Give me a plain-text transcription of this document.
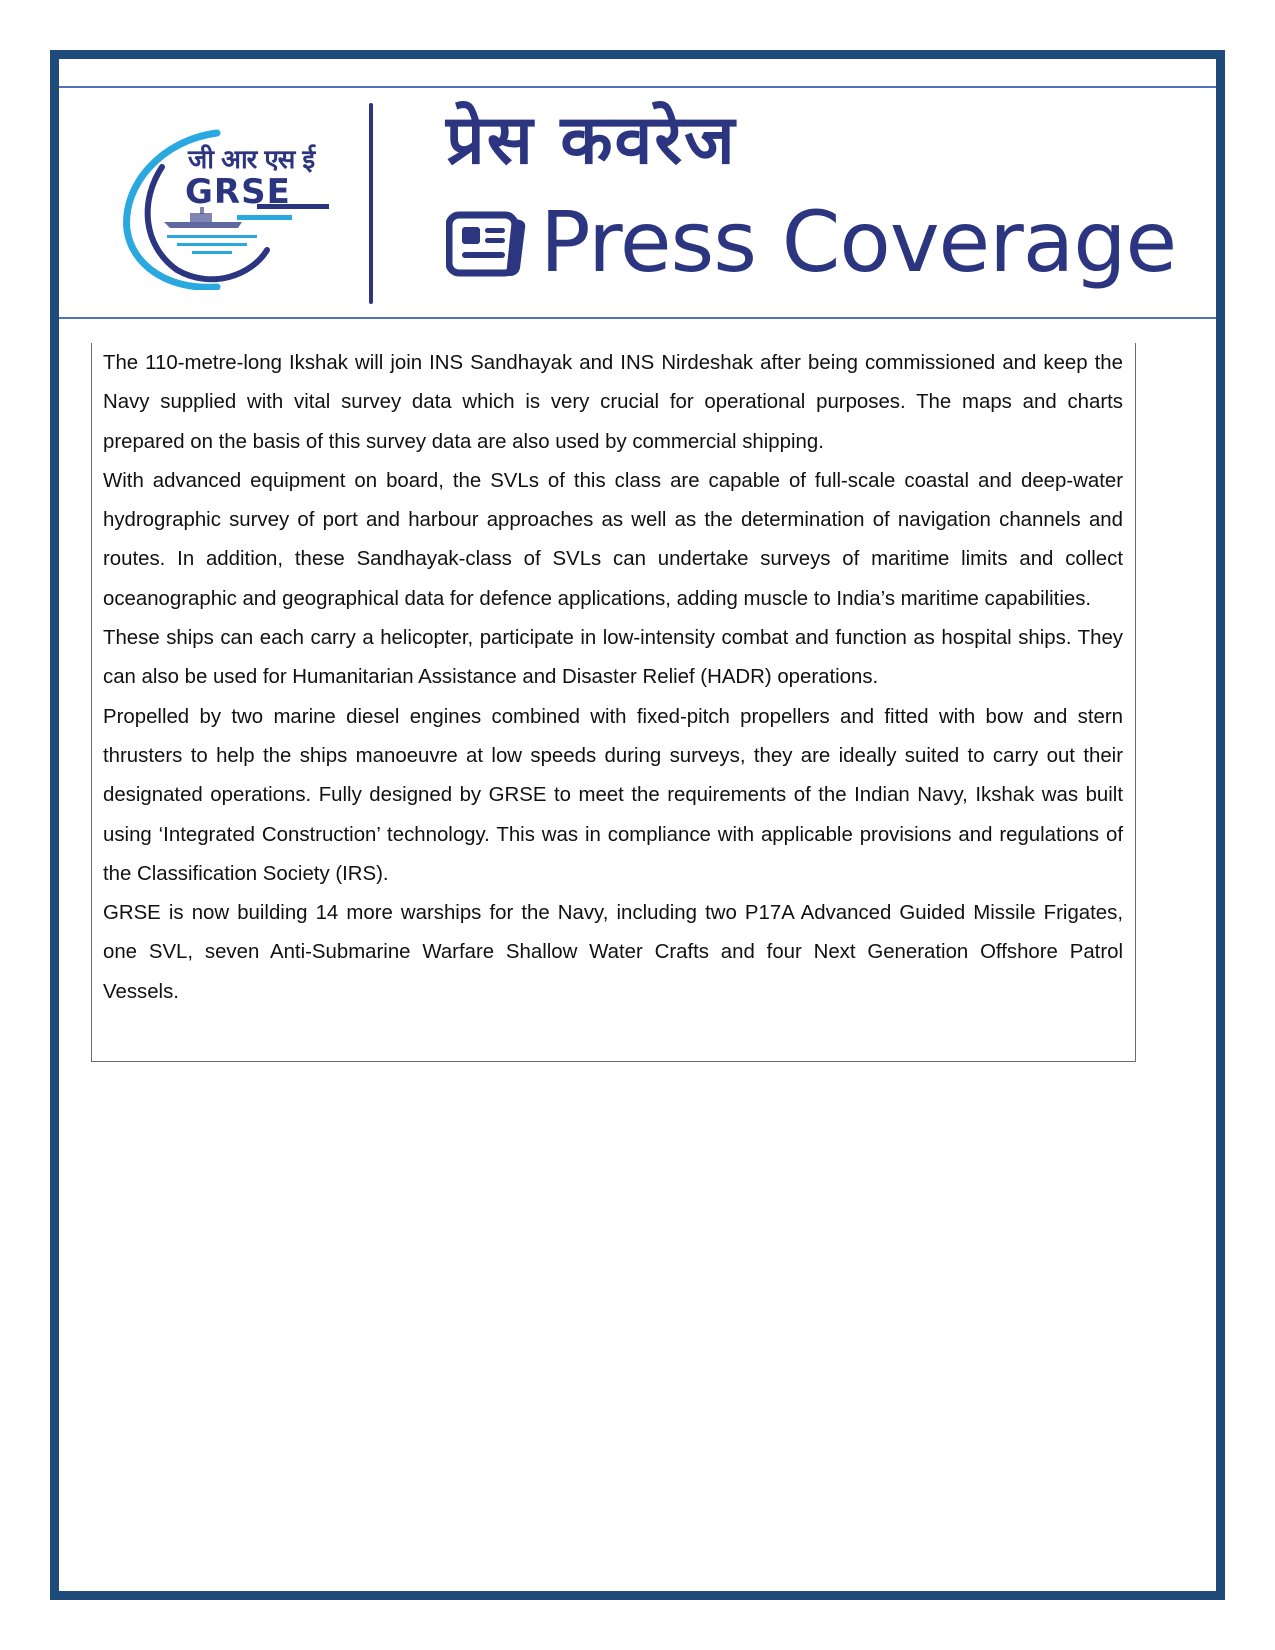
जी आर एस ई
GRSE
प्रेस कवरेज
Press Coverage

The 110-metre-long Ikshak will join INS Sandhayak and INS Nirdeshak after being commissioned and keep the Navy supplied with vital survey data which is very crucial for operational purposes. The maps and charts prepared on the basis of this survey data are also used by commercial shipping.

With advanced equipment on board, the SVLs of this class are capable of full-scale coastal and deep-water hydrographic survey of port and harbour approaches as well as the determination of navigation channels and routes. In addition, these Sandhayak-class of SVLs can undertake surveys of maritime limits and collect oceanographic and geographical data for defence applications, adding muscle to India’s maritime capabilities.

These ships can each carry a helicopter, participate in low-intensity combat and function as hospital ships. They can also be used for Humanitarian Assistance and Disaster Relief (HADR) operations.

Propelled by two marine diesel engines combined with fixed-pitch propellers and fitted with bow and stern thrusters to help the ships manoeuvre at low speeds during surveys, they are ideally suited to carry out their designated operations. Fully designed by GRSE to meet the requirements of the Indian Navy, Ikshak was built using ‘Integrated Construction’ technology. This was in compliance with applicable provisions and regulations of the Classification Society (IRS).

GRSE is now building 14 more warships for the Navy, including two P17A Advanced Guided Missile Frigates, one SVL, seven Anti-Submarine Warfare Shallow Water Crafts and four Next Generation Offshore Patrol Vessels.
